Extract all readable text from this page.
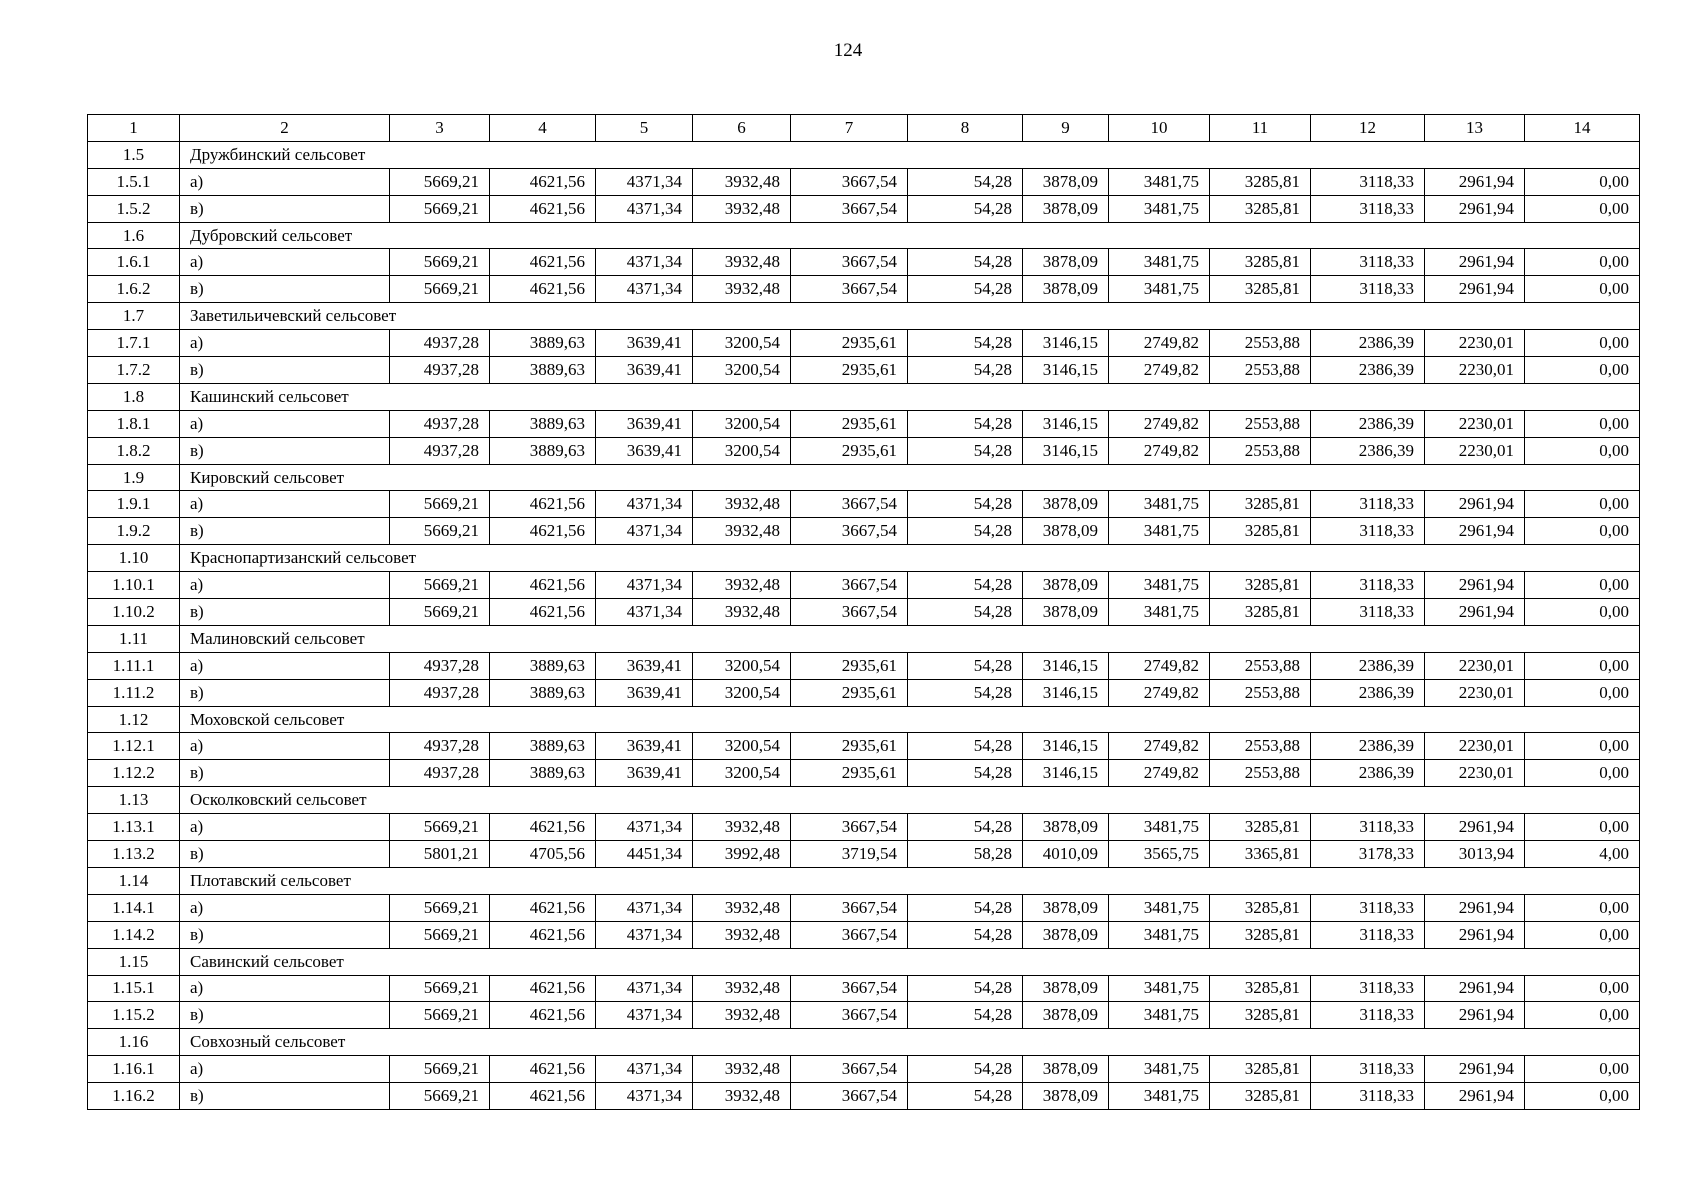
124
1	2	3	4	5	6	7	8	9	10	11	12	13	14
1.5	Дружбинский сельсовет												
1.5.1	а)	5669,21	4621,56	4371,34	3932,48	3667,54	54,28	3878,09	3481,75	3285,81	3118,33	2961,94	0,00
1.5.2	в)	5669,21	4621,56	4371,34	3932,48	3667,54	54,28	3878,09	3481,75	3285,81	3118,33	2961,94	0,00
1.6	Дубровский сельсовет												
1.6.1	а)	5669,21	4621,56	4371,34	3932,48	3667,54	54,28	3878,09	3481,75	3285,81	3118,33	2961,94	0,00
1.6.2	в)	5669,21	4621,56	4371,34	3932,48	3667,54	54,28	3878,09	3481,75	3285,81	3118,33	2961,94	0,00
1.7	Заветильичевский сельсовет												
1.7.1	а)	4937,28	3889,63	3639,41	3200,54	2935,61	54,28	3146,15	2749,82	2553,88	2386,39	2230,01	0,00
1.7.2	в)	4937,28	3889,63	3639,41	3200,54	2935,61	54,28	3146,15	2749,82	2553,88	2386,39	2230,01	0,00
1.8	Кашинский сельсовет												
1.8.1	а)	4937,28	3889,63	3639,41	3200,54	2935,61	54,28	3146,15	2749,82	2553,88	2386,39	2230,01	0,00
1.8.2	в)	4937,28	3889,63	3639,41	3200,54	2935,61	54,28	3146,15	2749,82	2553,88	2386,39	2230,01	0,00
1.9	Кировский сельсовет												
1.9.1	а)	5669,21	4621,56	4371,34	3932,48	3667,54	54,28	3878,09	3481,75	3285,81	3118,33	2961,94	0,00
1.9.2	в)	5669,21	4621,56	4371,34	3932,48	3667,54	54,28	3878,09	3481,75	3285,81	3118,33	2961,94	0,00
1.10	Краснопартизанский сельсовет												
1.10.1	а)	5669,21	4621,56	4371,34	3932,48	3667,54	54,28	3878,09	3481,75	3285,81	3118,33	2961,94	0,00
1.10.2	в)	5669,21	4621,56	4371,34	3932,48	3667,54	54,28	3878,09	3481,75	3285,81	3118,33	2961,94	0,00
1.11	Малиновский сельсовет												
1.11.1	а)	4937,28	3889,63	3639,41	3200,54	2935,61	54,28	3146,15	2749,82	2553,88	2386,39	2230,01	0,00
1.11.2	в)	4937,28	3889,63	3639,41	3200,54	2935,61	54,28	3146,15	2749,82	2553,88	2386,39	2230,01	0,00
1.12	Моховской сельсовет												
1.12.1	а)	4937,28	3889,63	3639,41	3200,54	2935,61	54,28	3146,15	2749,82	2553,88	2386,39	2230,01	0,00
1.12.2	в)	4937,28	3889,63	3639,41	3200,54	2935,61	54,28	3146,15	2749,82	2553,88	2386,39	2230,01	0,00
1.13	Осколковский сельсовет												
1.13.1	а)	5669,21	4621,56	4371,34	3932,48	3667,54	54,28	3878,09	3481,75	3285,81	3118,33	2961,94	0,00
1.13.2	в)	5801,21	4705,56	4451,34	3992,48	3719,54	58,28	4010,09	3565,75	3365,81	3178,33	3013,94	4,00
1.14	Плотавский сельсовет												
1.14.1	а)	5669,21	4621,56	4371,34	3932,48	3667,54	54,28	3878,09	3481,75	3285,81	3118,33	2961,94	0,00
1.14.2	в)	5669,21	4621,56	4371,34	3932,48	3667,54	54,28	3878,09	3481,75	3285,81	3118,33	2961,94	0,00
1.15	Савинский сельсовет												
1.15.1	а)	5669,21	4621,56	4371,34	3932,48	3667,54	54,28	3878,09	3481,75	3285,81	3118,33	2961,94	0,00
1.15.2	в)	5669,21	4621,56	4371,34	3932,48	3667,54	54,28	3878,09	3481,75	3285,81	3118,33	2961,94	0,00
1.16	Совхозный сельсовет												
1.16.1	а)	5669,21	4621,56	4371,34	3932,48	3667,54	54,28	3878,09	3481,75	3285,81	3118,33	2961,94	0,00
1.16.2	в)	5669,21	4621,56	4371,34	3932,48	3667,54	54,28	3878,09	3481,75	3285,81	3118,33	2961,94	0,00
